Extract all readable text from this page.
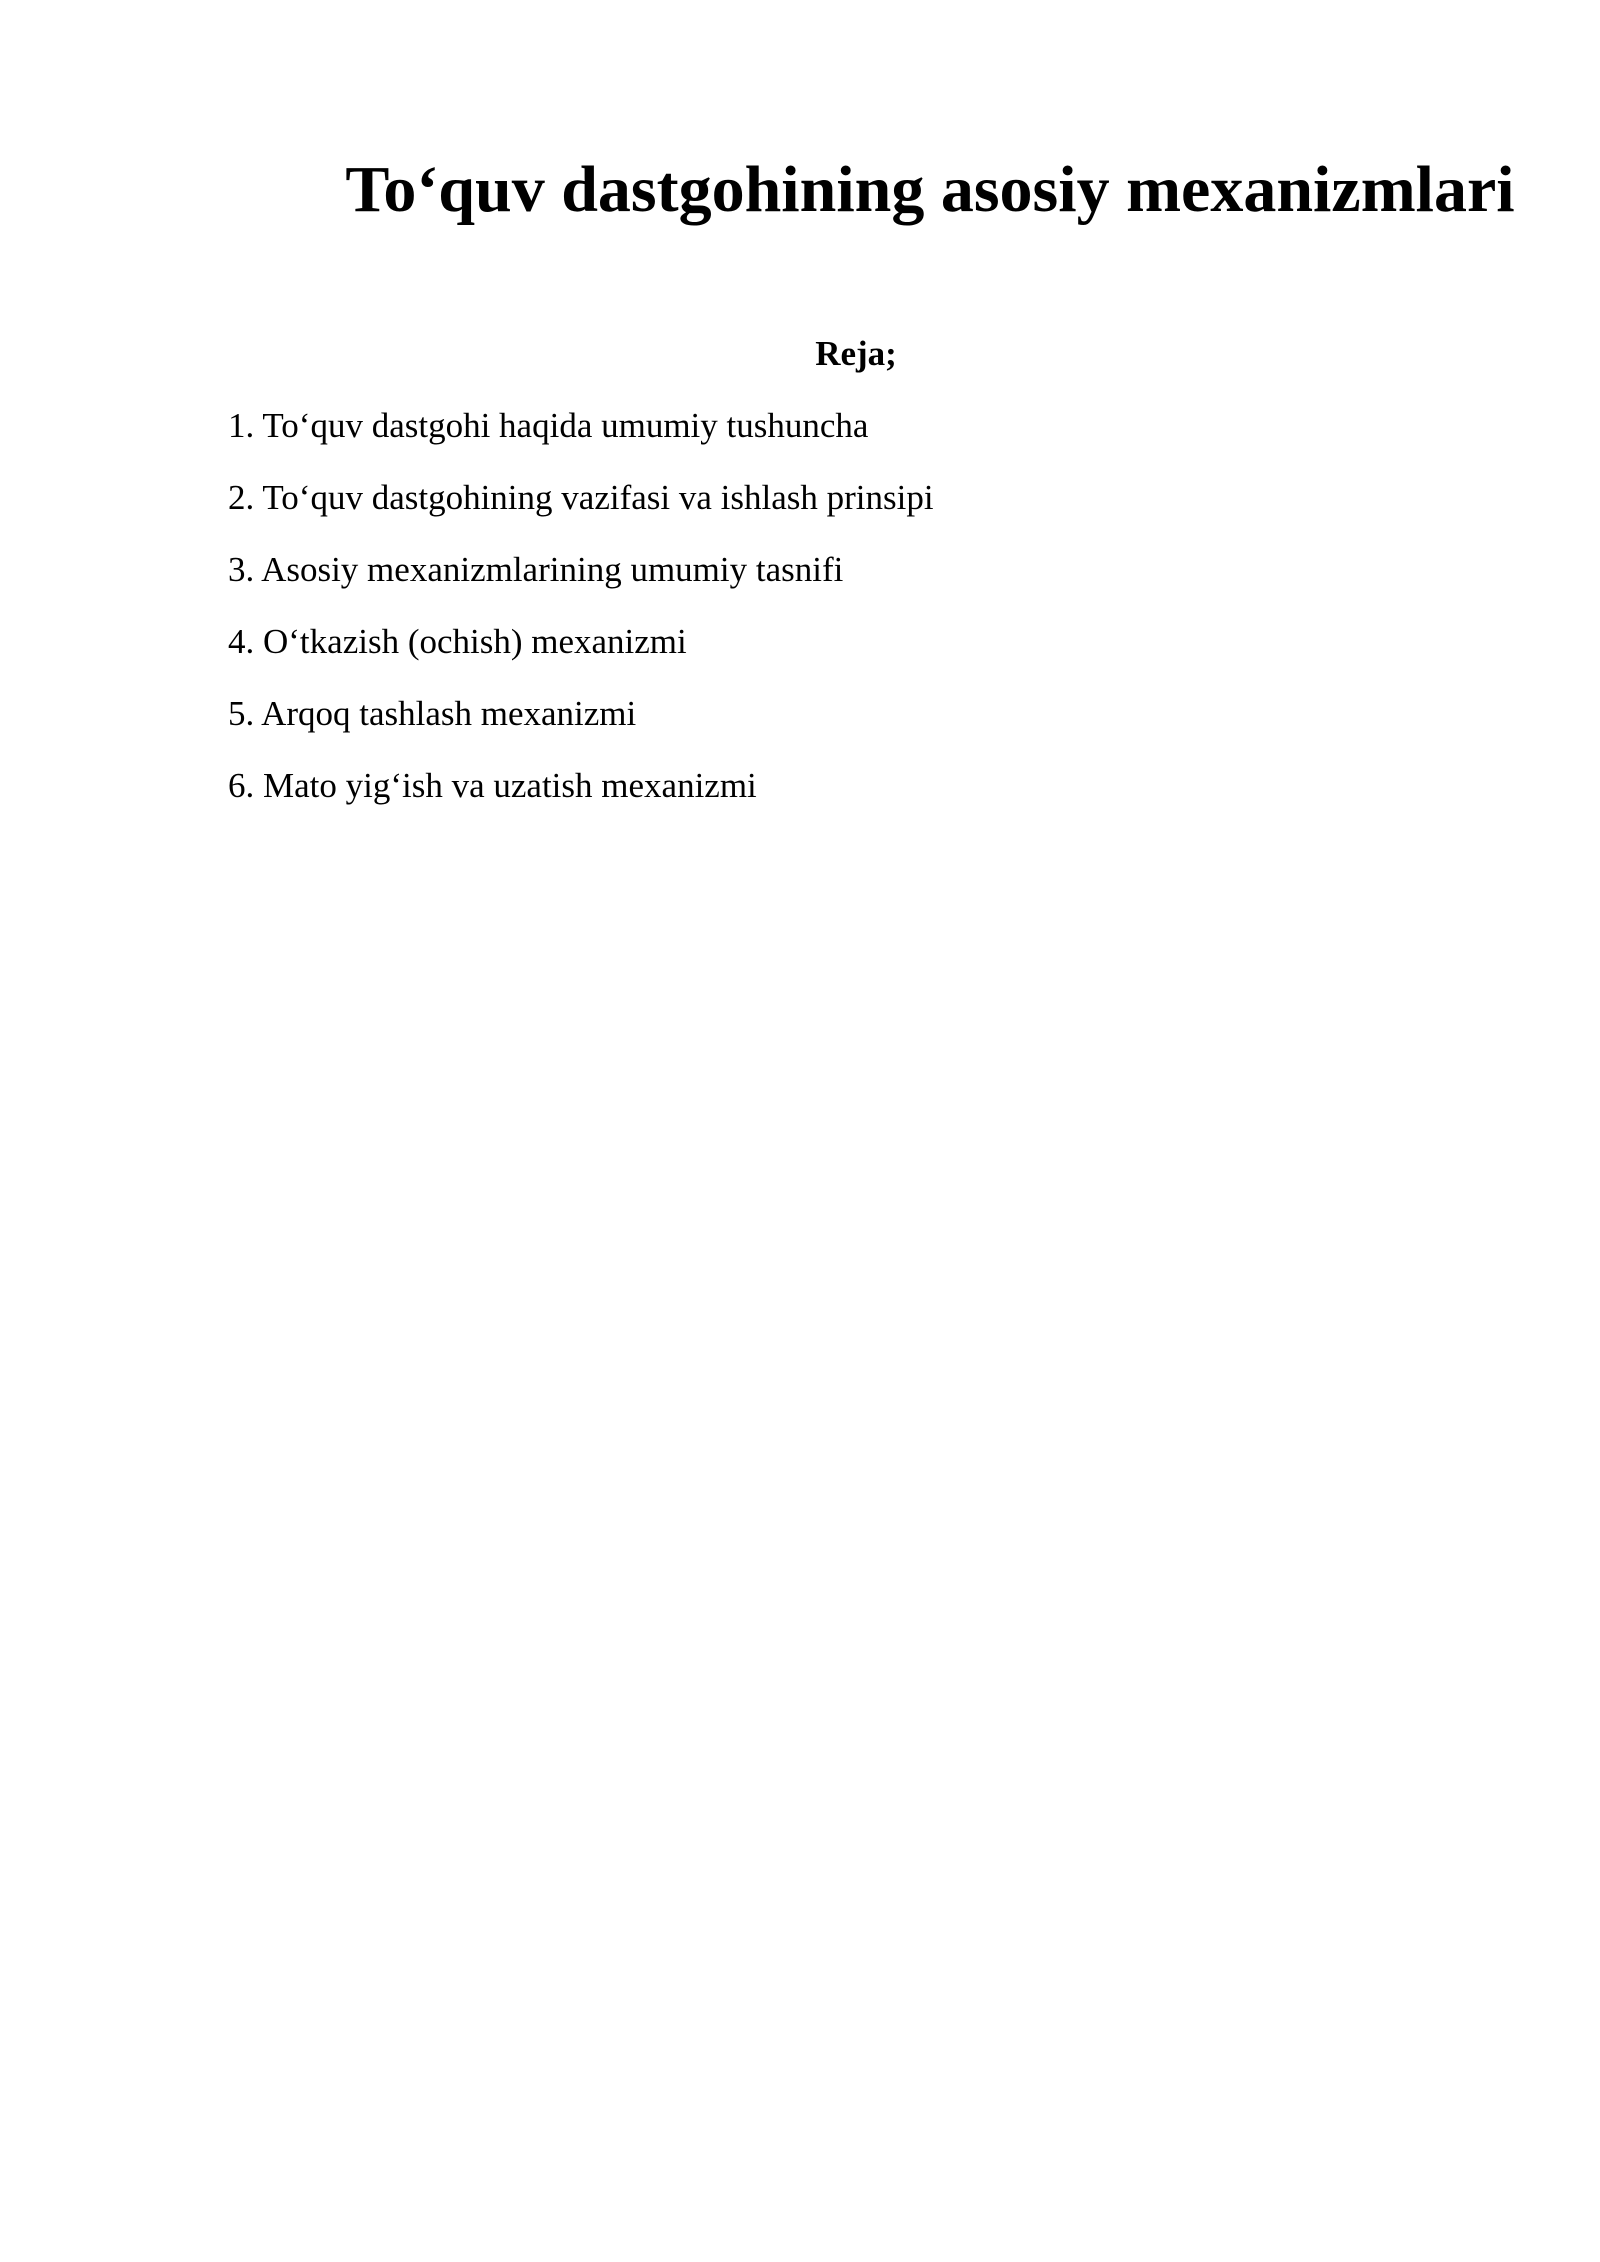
To‘quv dastgohining asosiy mexanizmlari
Reja;
1. To‘quv dastgohi haqida umumiy tushuncha
2. To‘quv dastgohining vazifasi va ishlash prinsipi
3. Asosiy mexanizmlarining umumiy tasnifi
4. O‘tkazish (ochish) mexanizmi
5. Arqoq tashlash mexanizmi
6. Mato yig‘ish va uzatish mexanizmi
